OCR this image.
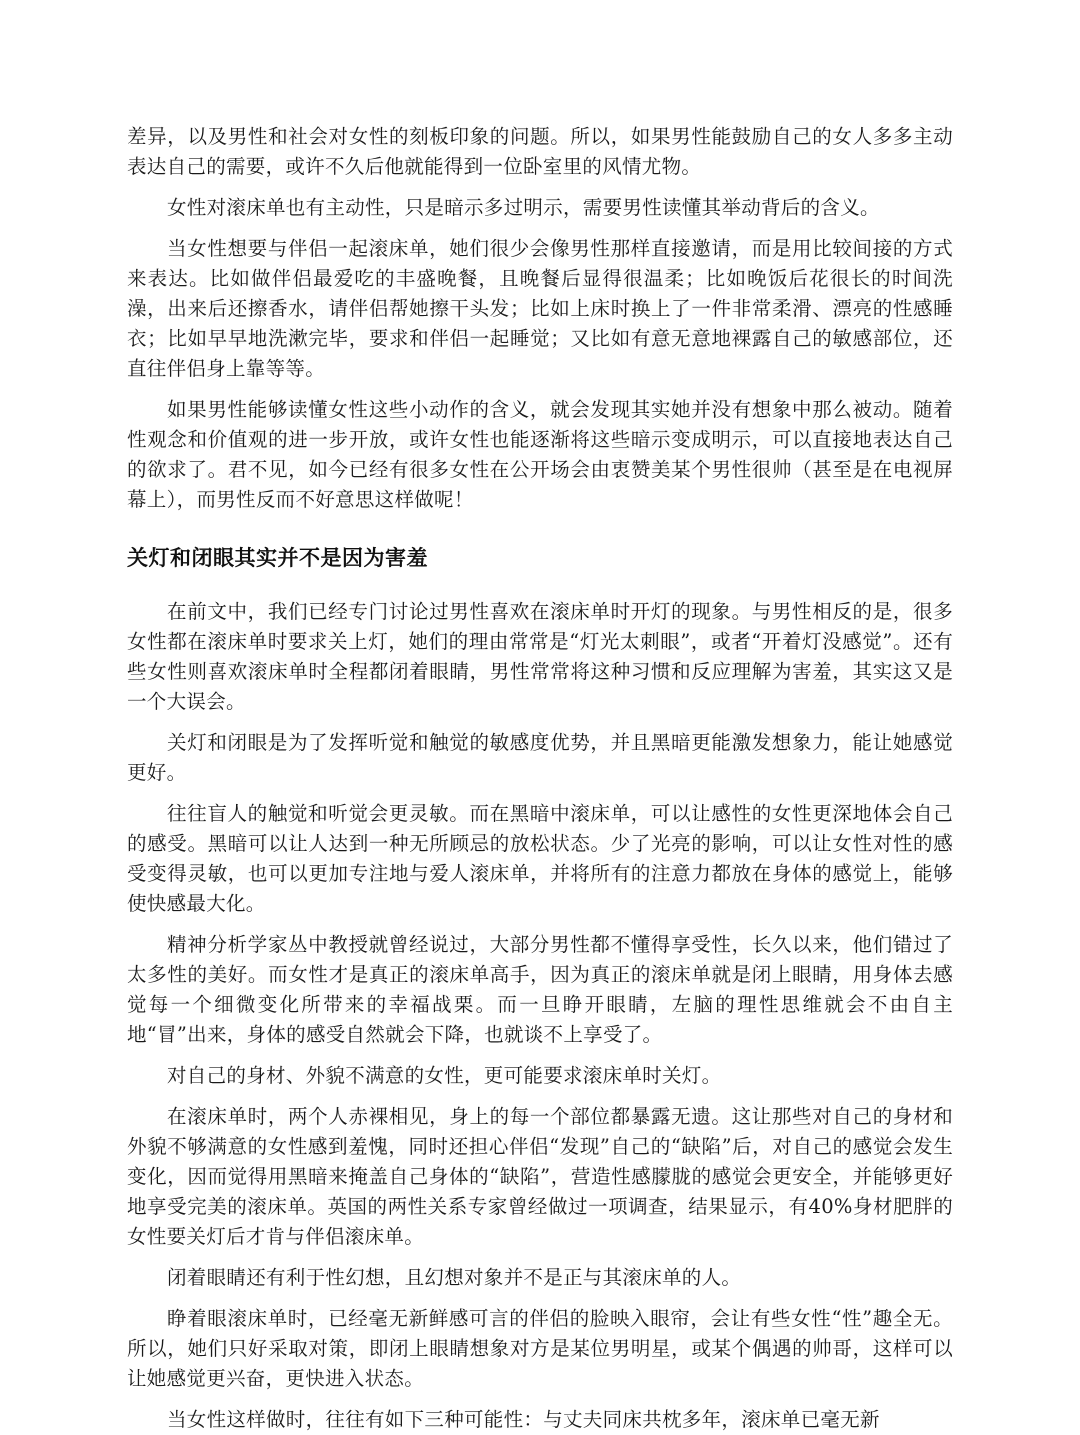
差异，以及男性和社会对女性的刻板印象的问题。所以，如果男性能鼓励自己的女人多多主动表达自己的需要，或许不久后他就能得到一位卧室里的风情尤物。

女性对滚床单也有主动性，只是暗示多过明示，需要男性读懂其举动背后的含义。

当女性想要与伴侣一起滚床单，她们很少会像男性那样直接邀请，而是用比较间接的方式来表达。比如做伴侣最爱吃的丰盛晚餐，且晚餐后显得很温柔；比如晚饭后花很长的时间洗澡，出来后还擦香水，请伴侣帮她擦干头发；比如上床时换上了一件非常柔滑、漂亮的性感睡衣；比如早早地洗漱完毕，要求和伴侣一起睡觉；又比如有意无意地裸露自己的敏感部位，还直往伴侣身上靠等等。

如果男性能够读懂女性这些小动作的含义，就会发现其实她并没有想象中那么被动。随着性观念和价值观的进一步开放，或许女性也能逐渐将这些暗示变成明示，可以直接地表达自己的欲求了。君不见，如今已经有很多女性在公开场会由衷赞美某个男性很帅（甚至是在电视屏幕上），而男性反而不好意思这样做呢！

关灯和闭眼其实并不是因为害羞

在前文中，我们已经专门讨论过男性喜欢在滚床单时开灯的现象。与男性相反的是，很多女性都在滚床单时要求关上灯，她们的理由常常是“灯光太刺眼”，或者“开着灯没感觉”。还有些女性则喜欢滚床单时全程都闭着眼睛，男性常常将这种习惯和反应理解为害羞，其实这又是一个大误会。

关灯和闭眼是为了发挥听觉和触觉的敏感度优势，并且黑暗更能激发想象力，能让她感觉更好。

往往盲人的触觉和听觉会更灵敏。而在黑暗中滚床单，可以让感性的女性更深地体会自己的感受。黑暗可以让人达到一种无所顾忌的放松状态。少了光亮的影响，可以让女性对性的感受变得灵敏，也可以更加专注地与爱人滚床单，并将所有的注意力都放在身体的感觉上，能够使快感最大化。

精神分析学家丛中教授就曾经说过，大部分男性都不懂得享受性，长久以来，他们错过了太多性的美好。而女性才是真正的滚床单高手，因为真正的滚床单就是闭上眼睛，用身体去感觉每一个细微变化所带来的幸福战栗。而一旦睁开眼睛，左脑的理性思维就会不由自主地“冒”出来，身体的感受自然就会下降，也就谈不上享受了。

对自己的身材、外貌不满意的女性，更可能要求滚床单时关灯。

在滚床单时，两个人赤裸相见，身上的每一个部位都暴露无遗。这让那些对自己的身材和外貌不够满意的女性感到羞愧，同时还担心伴侣“发现”自己的“缺陷”后，对自己的感觉会发生变化，因而觉得用黑暗来掩盖自己身体的“缺陷”，营造性感朦胧的感觉会更安全，并能够更好地享受完美的滚床单。英国的两性关系专家曾经做过一项调查，结果显示，有40%身材肥胖的女性要关灯后才肯与伴侣滚床单。

闭着眼睛还有利于性幻想，且幻想对象并不是正与其滚床单的人。

睁着眼滚床单时，已经毫无新鲜感可言的伴侣的脸映入眼帘，会让有些女性“性”趣全无。所以，她们只好采取对策，即闭上眼睛想象对方是某位男明星，或某个偶遇的帅哥，这样可以让她感觉更兴奋，更快进入状态。

当女性这样做时，往往有如下三种可能性：与丈夫同床共枕多年，滚床单已毫无新
